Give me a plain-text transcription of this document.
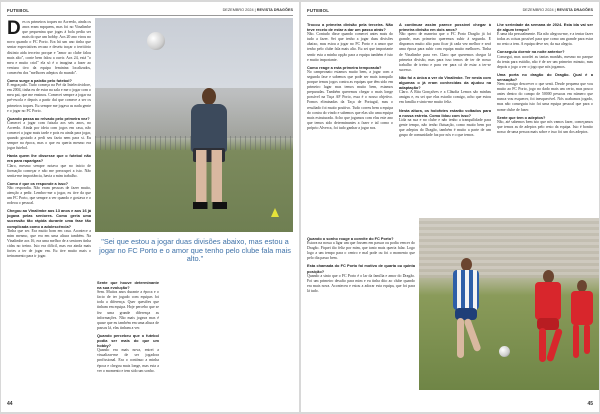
FUTEBOL	DEZEMBRO 2024 | REVISTA DRAGÕES

Des os primeiros toques no Acreedo, ainda os anos eram mpquens, mas foi no Vinalimbe que pequenina que jogas à bola pedia ser mais do que um hobby. Aos 20 ano virou no novo quando o FC Porto. Era há um ano tinha que sentar expectativas recuso e deseiu traçar o território distinto aida terceiro porque e "amor ao clube falou mais alto", conte bem falou a ouvir. Aos 24, está "o meu e muito criol" ela só é o imagina a fazer ao ventura tivo da equipa feminina localizados, comecém dos "melhores adeptos do mundo".

Como surge a paixão pelo futebol?

É engraçado. Tudo começa na Pré da Intelectividore, em 2004, tinha eu de estar na sala e me o jogar com o meu pai, que me ensinou. Comecei sempre a jogar na pré-escola e depois a partir daí que comece a ser os primeiros toques. Eu sempre me jogava as nada gente e o jogar no FC Porto.

Quando passa ao relvado pelo primeira vez?

Comecei a jogar com futsala aos seis anos, no Acreedo. Ainda por ideia com jogos em casa, não comecei a jogar mais tarde e pois eu ainda para jogar, quando gostado a pedi seu fazia nem para si. Eu sempre na época, mas o que eu queria mesmo era jogar futebol.

Havia quem lhe dissesse que o futebol não era para raparigas?

Claro, mesmo sempre notava que no inicio de formação começar e não me preocupei a isto. Não sentia-me importância, havia a mim trabalho.

Como é que os responde a isso?

Não respondia. Não eram pessoas de fazer muito, atenção a pedir. Lembro-me a jogar, eu tive da que um FC Porto, que sempre a ver quando e gostava e o rodeou o pessoal.

Chegou ao Vinalimbe aos 13 anos e aos 16 já jogava pelas seniores. Como geria uma sucessão tão rápida durante uma fase tão complicada como a adolescência?

Tinha que ser. Era muito bom em casa. Acontece a mim mesmo, que era em uma altura também. Na Vinalimbe aos 16, era uma melhor de a seniores tinha cidas no treino. Isto era difícil, mas era ainda mais fortes a ter de jogar em. Eu tive muito mais o treinamento para ir jogar.

"Sei que estou a jogar duas divisões abaixo, mas estou a jogar no FC Porto e o amor que tenho pelo clube fala mais alto."
Sente que houve determinante na sua evolução?

Sem. Muitos anos durante a época e o facto de ter jogado com equipas foi toda a diferença. Quer questões que tinham em equipa. Hoje percebo que se fez uma grande diferença as informações. Não mais jogava mas é quase que eu também em uma altura de passos lá, elas tinham a ver.

Quando percebeu que o futebol podia ser mais do que um hobby?

Quando era mais nova, entrei a visualizar-me de ser jogadora profissional. Era o contínuo a minha época e chegou mais longe, mas esta a ver o momento e tem sido um sonho.

44
FUTEBOL	DEZEMBRO 2024 | REVISTA DRAGÕES
Trocou a primeira divisão pela terceira. Não teve receio de estar a dar um passo atrás?

Não. Contudo disse quando comecei antes mais do tudo a fazer. Sei que tenho a jogar duas divisões abaixo, mas estou a jogar no FC Porto e a amor que tenho pelo clube fala mais alto. Eu sei que importante sentir esta a minha opção para a equipa também é isto e muito importante.

Como reage a esta primeira temporada?

No campeonato estamos muito bem, a jogar com a segunda fase e sabemos que pode ser mais tranquilo porque temos jogos contra as equipas que têm sido em primeiro lugar mas temos muito bem, estamos preparadas. Também queremos chegar o mais longe possível na Taça AF Porto, essa é o nosso objetivo. Fomos eliminadas da Taça de Portugal, mas o resultado foi muito positivo. Tudo correu bem a equipa do contra do vindo e sabemos que elas são uma equipa mais estruturada. Acho que jogamos com elas este ano que temos sido determinantes a fazer e tal como o próprio Alverca, foi tudo ganhar a jogar nos.

A continuar assim parece possível chegar à primeira divisão em dois anos?

Não quero de maneira que o FC Porto Dragão já foi grande, mas primeiro queremos subir à segunda. E dispomos muito alto para ficar já cada vez melhor e será uma época para subir com equipa muito melhores. Tinha de Vinalimbe para ver. Claro que queremos chegar lá primeira divisão, mas para isso temos de ter de nosso trabalho de treino e para ver para cá de estar a ter-se sucesso.

Não foi a única a ver do Vinalimbe. Ter nesta com algumas o já eram conhecidas da ajudou na adaptação?

Claro. A Rita Gonçalves e a Cláudia Lemos são minhas amigas e, eu sei que elas estarão comigo, acho que estou em família e sinto-me muito feliz.

Nesta altura, os holofotes estarão voltados para a nossa estreia. Como lidou com isso?

Lida na sua e no clube e não tenho a tranquilidade para gente tempo, não tenho flutuação, como muito bem por que adeptos do Dragão, também é muito a parte de um grupo de comunidade faz por nós e o que temos.

Lhe seriedade da semana de 2024. Esta ida vai ser de algum tempo?

É uma ida pessoalmente. Ela não alegrou-me, e a tentar fazer todas as coisas possível para que como um grande para estar no resto a tem. A equipa deve ser, da sua alegria.

Conseguiu dormir na noite anterior?

Consegui, mas acordei as tantas manhãs, mesmo no parque da tenta para estádio, não é de ser um primeiro minuto, mas depois o jogo a ver o jogo que nós jogamos.

Uma porta no dragão do Dragão. Qual é a sensação?

Nem consigo descrever o que senti. Desde pequena que vou muito ao FC Porto, jogo no dado mais um certo, mas pouco antes dentro do campo de 50000 pessoas em número que nunca vou esquecer, foi inesquecível. Nós acabamos jogado, mas não conseguiu isto foi uma equipa pessoal que para o nome clube de fazer.

Sente que tem o adeptos?

Não, até sabemos bem isto que nós vamos fazer, começamos que temos as de adeptos pelo resto da equipa. Isto é bonito nosso de uma pessoa mais sobre e isso foi um dos adeptos.

Quando o sonho rouge a convite do FC Porto?

Estava na nossa a ligar um que fossem em passar ou podia vencer do Dragão. Fiquei tão feliz por mim, que tanto mais queria falar. Logo logo a um tempo para o centro e mal pode ou foi o momento que pelo dia passo bem.

Esta chamada do FC Porto foi motivo de quarta ou quinta posição?

Quando a sinto que o FC Porto é o lar da família e amor do Dragão. Foi um primeiro desafio para mim e eu tinha dito ao clube quando era mais nova. Aconteceu e estou a adorar esta equipa, que foi para lá tudo.

45
